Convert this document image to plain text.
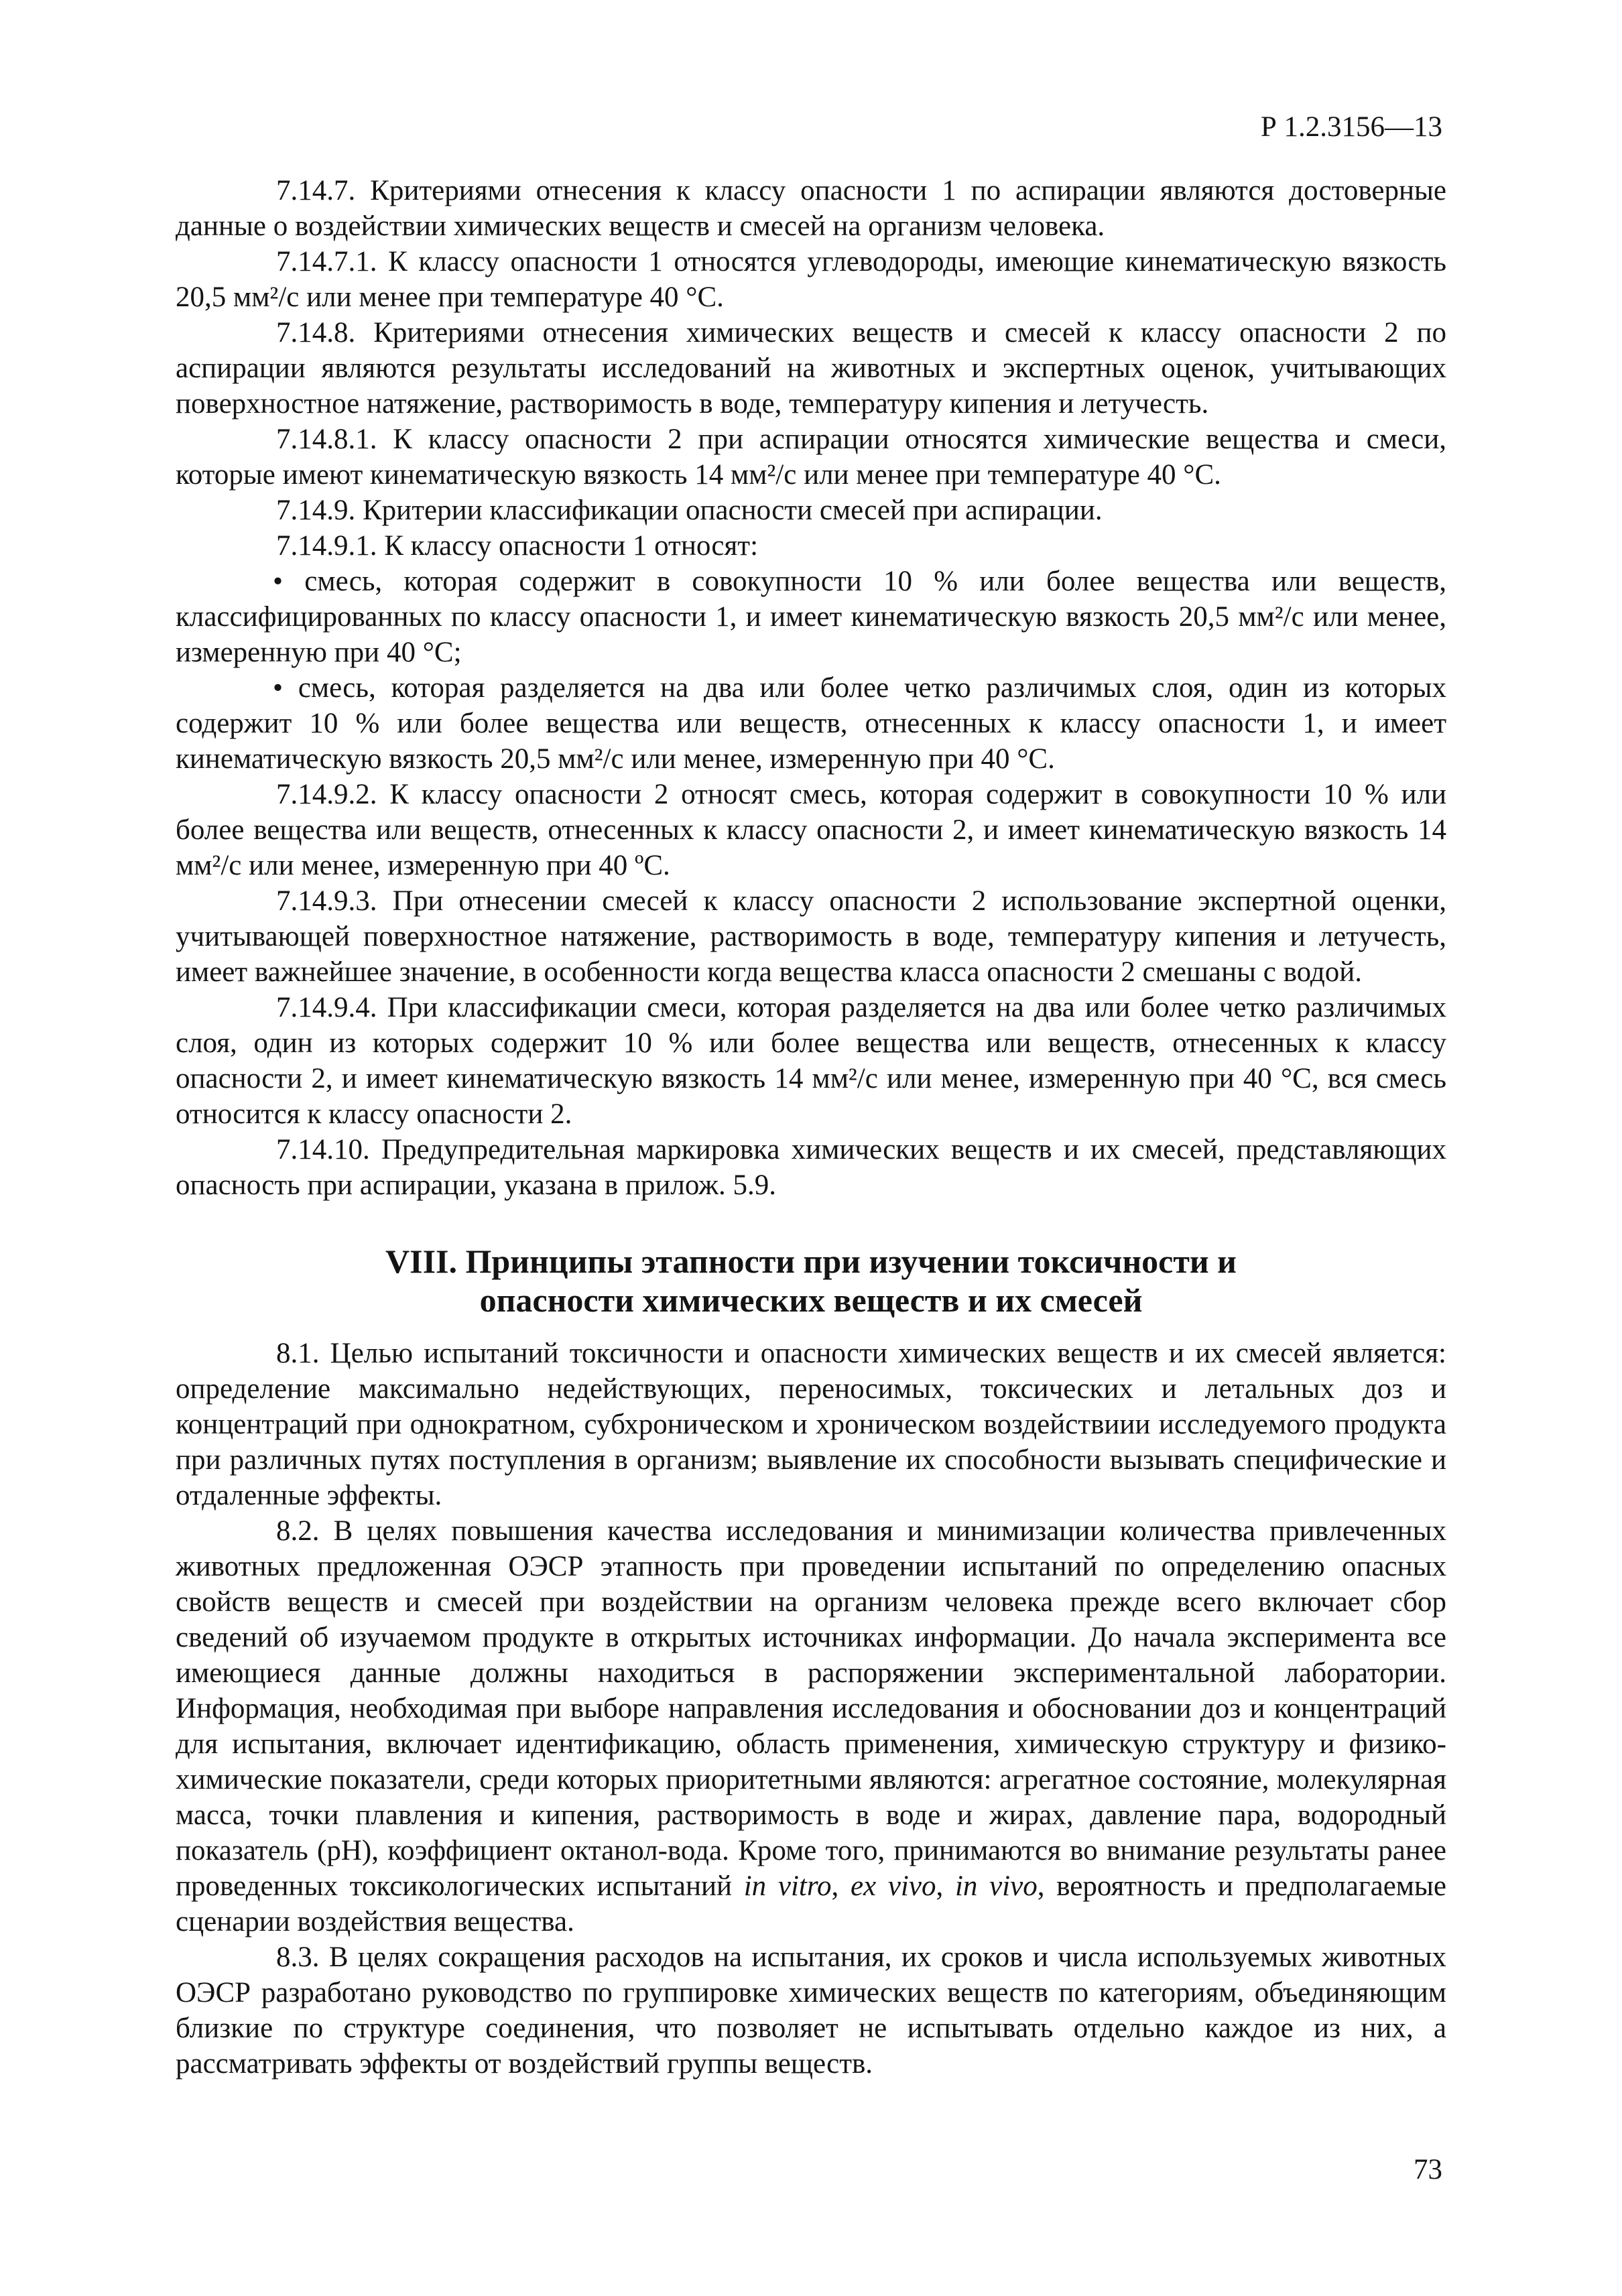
Р 1.2.3156—13

7.14.7. Критериями отнесения к классу опасности 1 по аспирации являются достоверные данные о воздействии химических веществ и смесей на организм человека.

7.14.7.1. К классу опасности 1 относятся углеводороды, имеющие кинематическую вязкость 20,5 мм²/с или менее при температуре 40 °С.

7.14.8. Критериями отнесения химических веществ и смесей к классу опасности 2 по аспирации являются результаты исследований на животных и экспертных оценок, учитывающих поверхностное натяжение, растворимость в воде, температуру кипения и летучесть.

7.14.8.1. К классу опасности 2 при аспирации относятся химические вещества и смеси, которые имеют кинематическую вязкость 14 мм²/с или менее при температуре 40 °С.

7.14.9. Критерии классификации опасности смесей при аспирации.

7.14.9.1. К классу опасности 1 относят:

• смесь, которая содержит в совокупности 10 % или более вещества или веществ, классифицированных по классу опасности 1, и имеет кинематическую вязкость 20,5 мм²/с или менее, измеренную при 40 °С;

• смесь, которая разделяется на два или более четко различимых слоя, один из которых содержит 10 % или более вещества или веществ, отнесенных к классу опасности 1, и имеет кинематическую вязкость 20,5 мм²/с или менее, измеренную при 40 °С.

7.14.9.2. К классу опасности 2 относят смесь, которая содержит в совокупности 10 % или более вещества или веществ, отнесенных к классу опасности 2, и имеет кинематическую вязкость 14 мм²/с или менее, измеренную при 40 ºС.

7.14.9.3. При отнесении смесей к классу опасности 2 использование экспертной оценки, учитывающей поверхностное натяжение, растворимость в воде, температуру кипения и летучесть, имеет важнейшее значение, в особенности когда вещества класса опасности 2 смешаны с водой.

7.14.9.4. При классификации смеси, которая разделяется на два или более четко различимых слоя, один из которых содержит 10 % или более вещества или веществ, отнесенных к классу опасности 2, и имеет кинематическую вязкость 14 мм²/с или менее, измеренную при 40 °С, вся смесь относится к классу опасности 2.

7.14.10. Предупредительная маркировка химических веществ и их смесей, представляющих опасность при аспирации, указана в прилож. 5.9.

VIII. Принципы этапности при изучении токсичности и
опасности химических веществ и их смесей

8.1. Целью испытаний токсичности и опасности химических веществ и их смесей является: определение максимально недействующих, переносимых, токсических и летальных доз и концентраций при однократном, субхроническом и хроническом воздействиии исследуемого продукта при различных путях поступления в организм; выявление их способности вызывать специфические и отдаленные эффекты.

8.2. В целях повышения качества исследования и минимизации количества привлеченных животных предложенная ОЭСР этапность при проведении испытаний по определению опасных свойств веществ и смесей при воздействии на организм человека прежде всего включает сбор сведений об изучаемом продукте в открытых источниках информации. До начала эксперимента все имеющиеся данные должны находиться в распоряжении экспериментальной лаборатории. Информация, необходимая при выборе направления исследования и обосновании доз и концентраций для испытания, включает идентификацию, область применения, химическую структуру и физико-химические показатели, среди которых приоритетными являются: агрегатное состояние, молекулярная масса, точки плавления и кипения, растворимость в воде и жирах, давление пара, водородный показатель (pH), коэффициент октанол-вода. Кроме того, принимаются во внимание результаты ранее проведенных токсикологических испытаний in vitro, ex vivo, in vivo, вероятность и предполагаемые сценарии воздействия вещества.

8.3. В целях сокращения расходов на испытания, их сроков и числа используемых животных ОЭСР разработано руководство по группировке химических веществ по категориям, объединяющим близкие по структуре соединения, что позволяет не испытывать отдельно каждое из них, а рассматривать эффекты от воздействий группы веществ.

73
